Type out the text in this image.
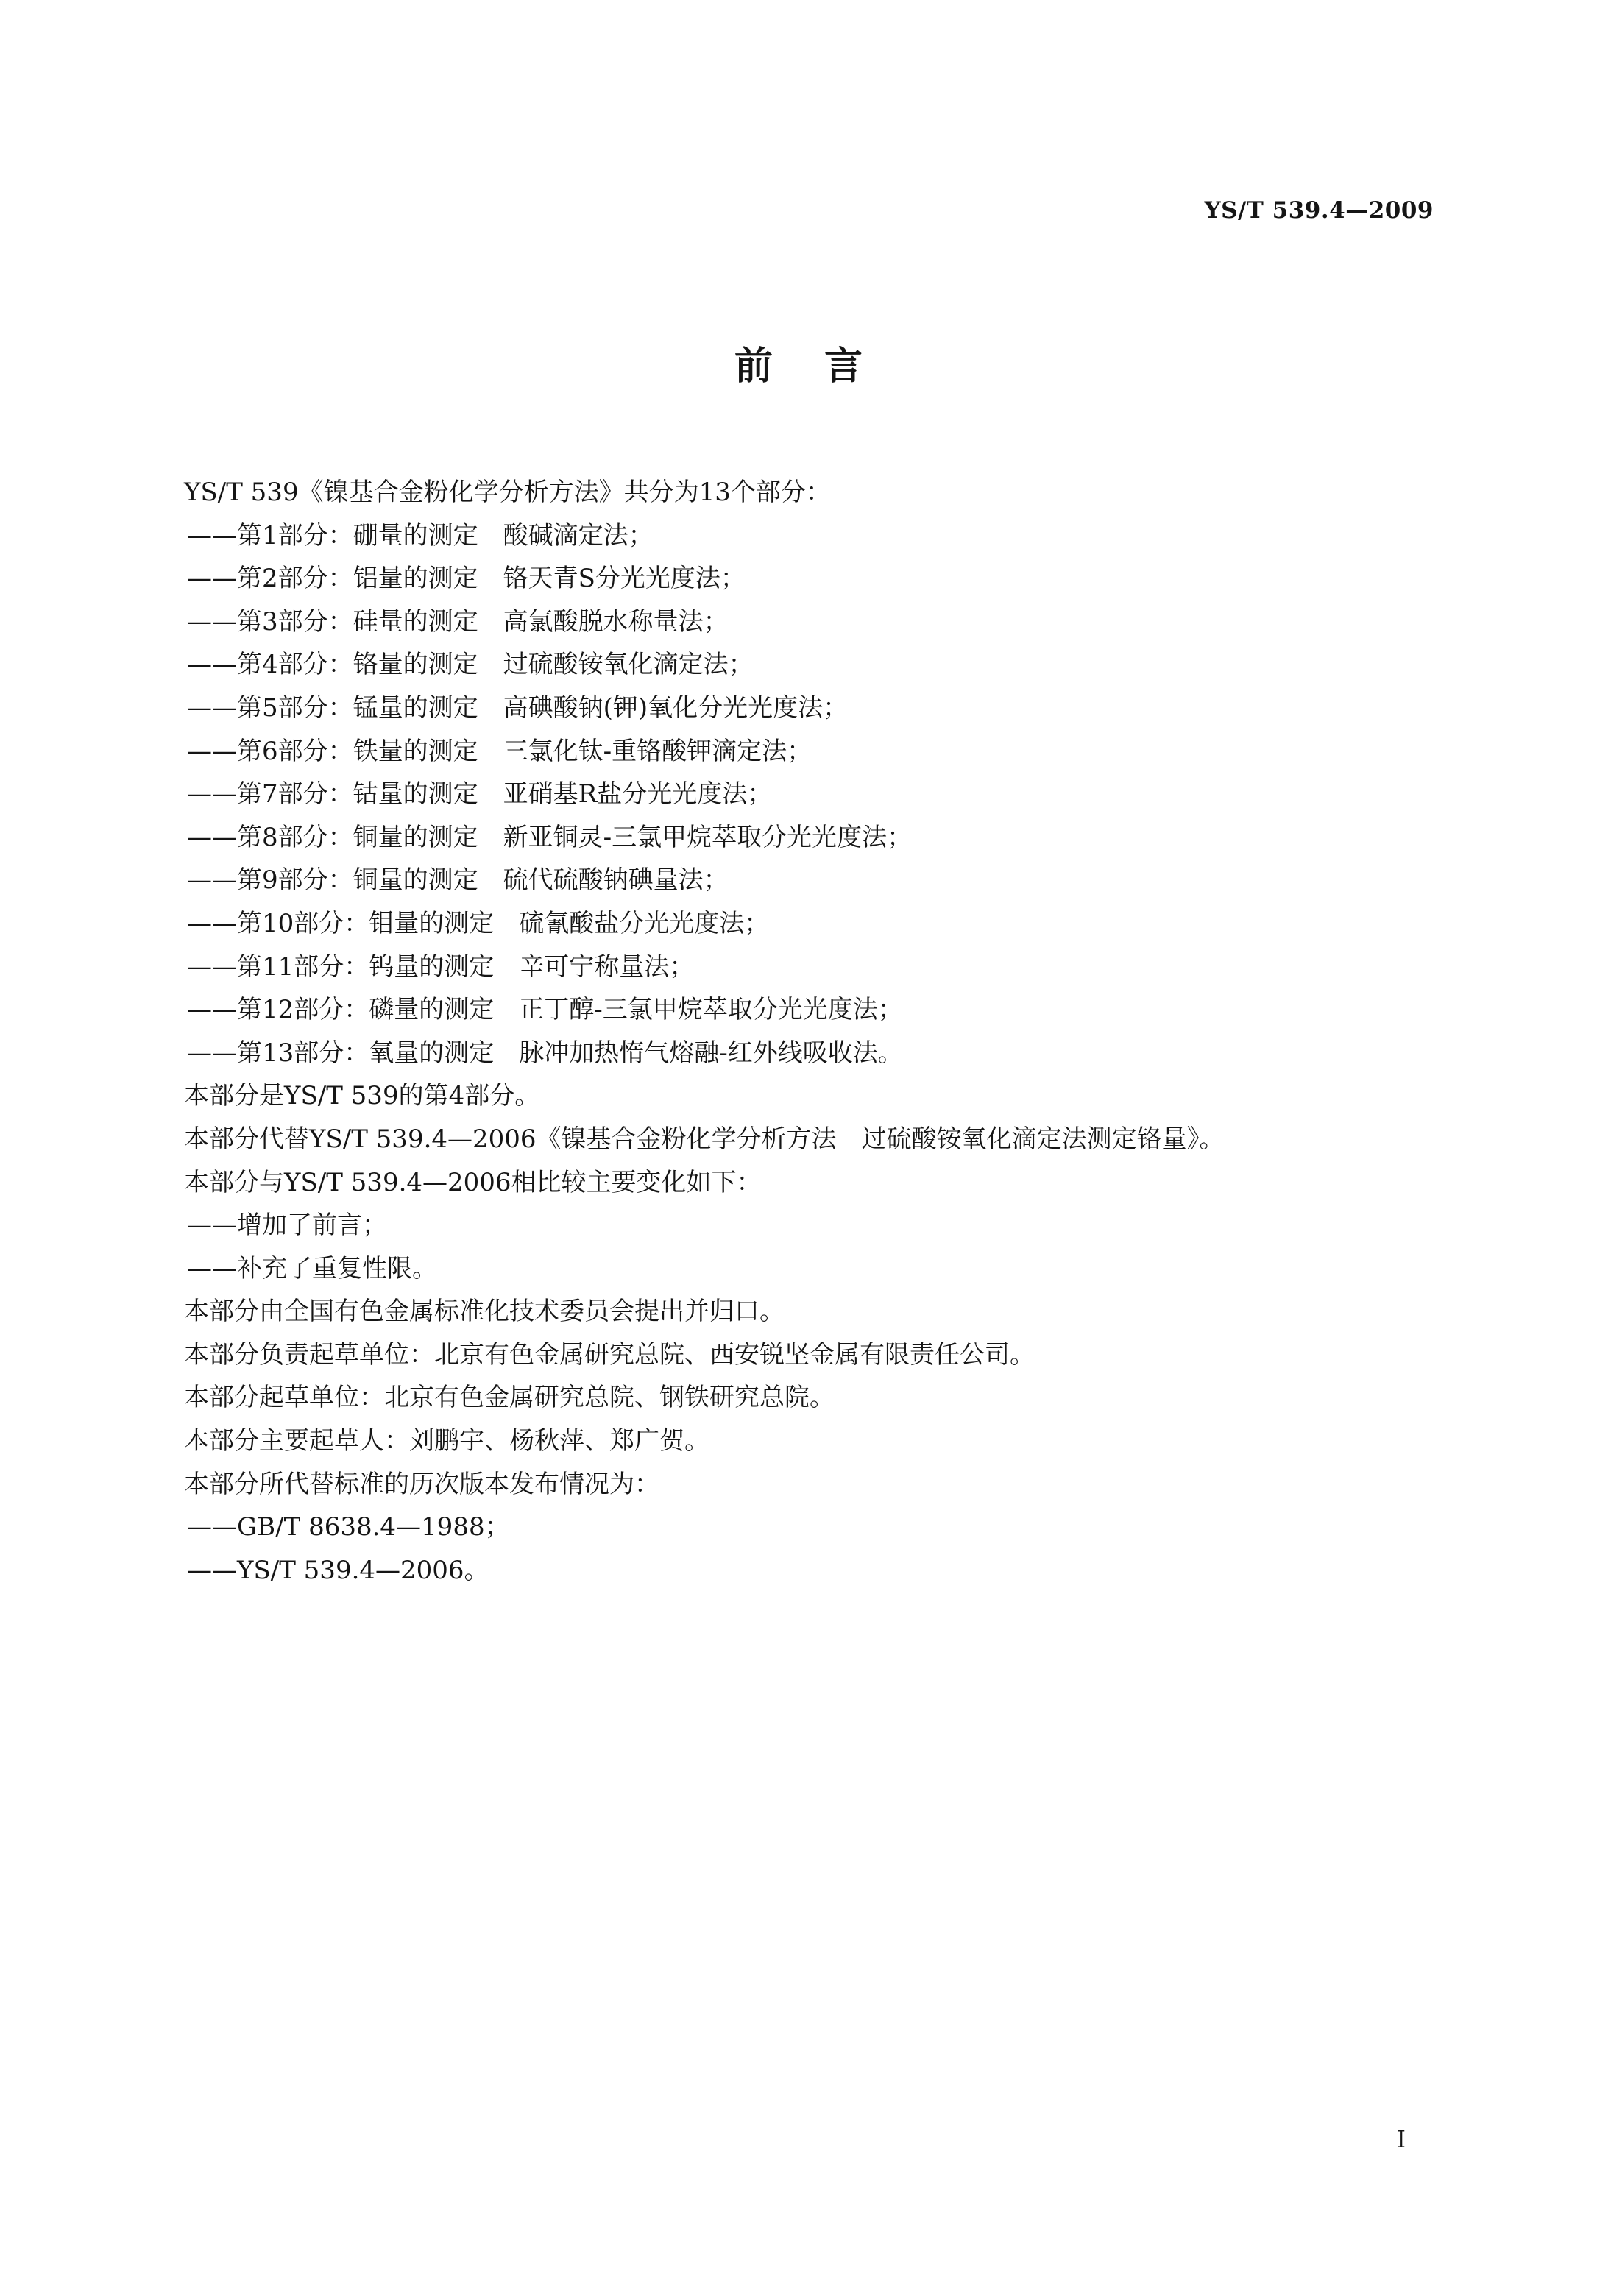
YS/T 539.4—2009
前言
YS/T 539《镍基合金粉化学分析方法》共分为13个部分：
——第1部分：硼量的测定　酸碱滴定法；
——第2部分：铝量的测定　铬天青S分光光度法；
——第3部分：硅量的测定　高氯酸脱水称量法；
——第4部分：铬量的测定　过硫酸铵氧化滴定法；
——第5部分：锰量的测定　高碘酸钠(钾)氧化分光光度法；
——第6部分：铁量的测定　三氯化钛-重铬酸钾滴定法；
——第7部分：钴量的测定　亚硝基R盐分光光度法；
——第8部分：铜量的测定　新亚铜灵-三氯甲烷萃取分光光度法；
——第9部分：铜量的测定　硫代硫酸钠碘量法；
——第10部分：钼量的测定　硫氰酸盐分光光度法；
——第11部分：钨量的测定　辛可宁称量法；
——第12部分：磷量的测定　正丁醇-三氯甲烷萃取分光光度法；
——第13部分：氧量的测定　脉冲加热惰气熔融-红外线吸收法。
本部分是YS/T 539的第4部分。
本部分代替YS/T 539.4—2006《镍基合金粉化学分析方法　过硫酸铵氧化滴定法测定铬量》。
本部分与YS/T 539.4—2006相比较主要变化如下：
——增加了前言；
——补充了重复性限。
本部分由全国有色金属标准化技术委员会提出并归口。
本部分负责起草单位：北京有色金属研究总院、西安锐坚金属有限责任公司。
本部分起草单位：北京有色金属研究总院、钢铁研究总院。
本部分主要起草人：刘鹏宇、杨秋萍、郑广贺。
本部分所代替标准的历次版本发布情况为：
——GB/T 8638.4—1988；
——YS/T 539.4—2006。
I
